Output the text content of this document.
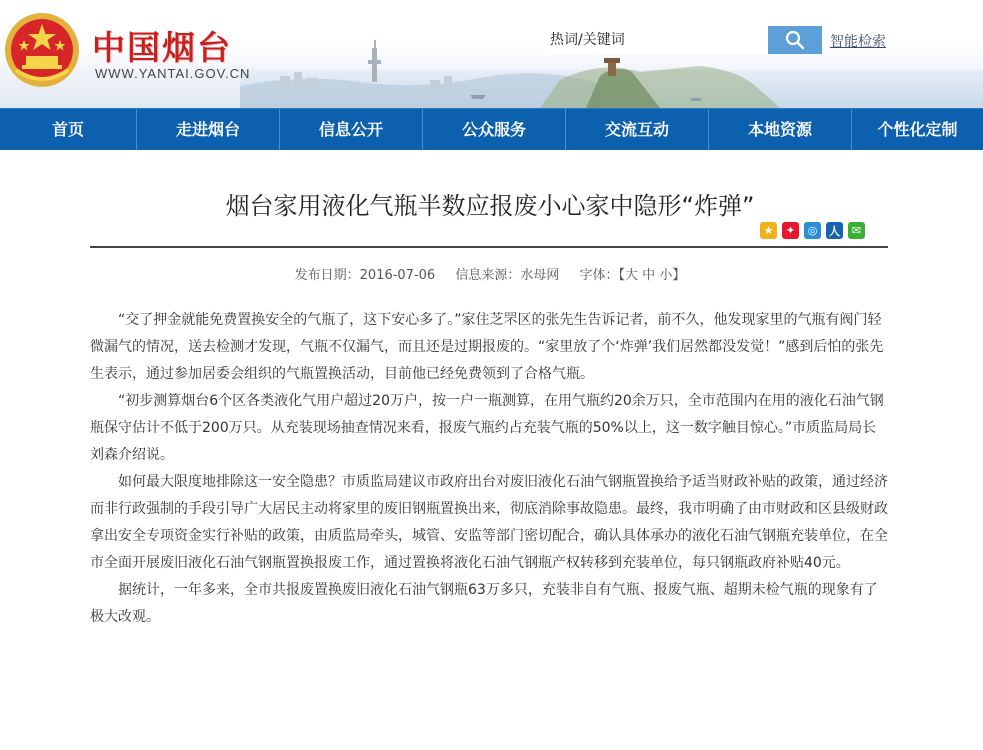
中国烟台

WWW.YANTAI.GOV.CN

热词/关键词
智能检索
首页	走进烟台	信息公开	公众服务	交流互动	本地资源	个性化定制
烟台家用液化气瓶半数应报废小心家中隐形“炸弹”
★	✦	◎	人	✉
发布日期：2016-07-06 信息来源：水母网 字体：【大 中 小】

“交了押金就能免费置换安全的气瓶了，这下安心多了。”家住芝罘区的张先生告诉记者，前不久，他发现家里的气瓶有阀门轻微漏气的情况，送去检测才发现，气瓶不仅漏气，而且还是过期报废的。“家里放了个‘炸弹’我们居然都没发觉！”感到后怕的张先生表示，通过参加居委会组织的气瓶置换活动，目前他已经免费领到了合格气瓶。

“初步测算烟台6个区各类液化气用户超过20万户，按一户一瓶测算，在用气瓶约20余万只，全市范围内在用的液化石油气钢瓶保守估计不低于200万只。从充装现场抽查情况来看，报废气瓶约占充装气瓶的50%以上，这一数字触目惊心。”市质监局局长刘森介绍说。

如何最大限度地排除这一安全隐患？市质监局建议市政府出台对废旧液化石油气钢瓶置换给予适当财政补贴的政策，通过经济而非行政强制的手段引导广大居民主动将家里的废旧钢瓶置换出来，彻底消除事故隐患。最终，我市明确了由市财政和区县级财政拿出安全专项资金实行补贴的政策，由质监局牵头，城管、安监等部门密切配合，确认具体承办的液化石油气钢瓶充装单位，在全市全面开展废旧液化石油气钢瓶置换报废工作，通过置换将液化石油气钢瓶产权转移到充装单位，每只钢瓶政府补贴40元。

据统计，一年多来，全市共报废置换废旧液化石油气钢瓶63万多只，充装非自有气瓶、报废气瓶、超期未检气瓶的现象有了极大改观。
